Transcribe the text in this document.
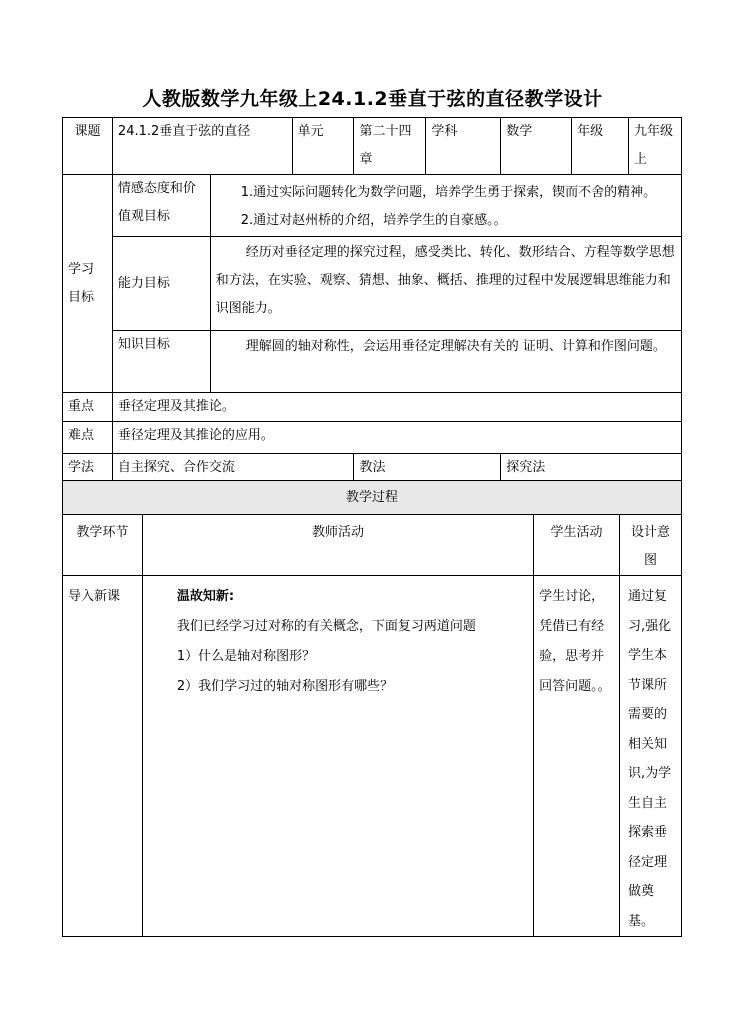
人教版数学九年级上24.1.2垂直于弦的直径教学设计
课题	24.1.2垂直于弦的直径		单元	第二十四章	学科	数学	年级	九年级上
学习目标	情感态度和价值观目标	1.通过实际问题转化为数学问题，培养学生勇于探索，锲而不舍的精神。
2.通过对赵州桥的介绍，培养学生的自豪感。。						

	能力目标	经历对垂径定理的探究过程，感受类比、转化、数形结合、方程等数学思想和方法，在实验、观察、猜想、抽象、概括、推理的过程中发展逻辑思维能力和识图能力。						
	知识目标	理解圆的轴对称性，会运用垂径定理解决有关的 证明、计算和作图问题。						
重点	垂径定理及其推论。							
难点	垂径定理及其推论的应用。							
学法	自主探究、合作交流			教法		探究法		
教学过程			
教学环节	教师活动	学生活动	设计意图
导入新课	温故知新:
我们已经学习过对称的有关概念，下面复习两道问题
1）什么是轴对称图形？
2）我们学习过的轴对称图形有哪些？	学生讨论，凭借已有经验，思考并回答问题。。	通过复习,强化学生本节课所需要的相关知识,为学生自主探索垂径定理做奠基。
